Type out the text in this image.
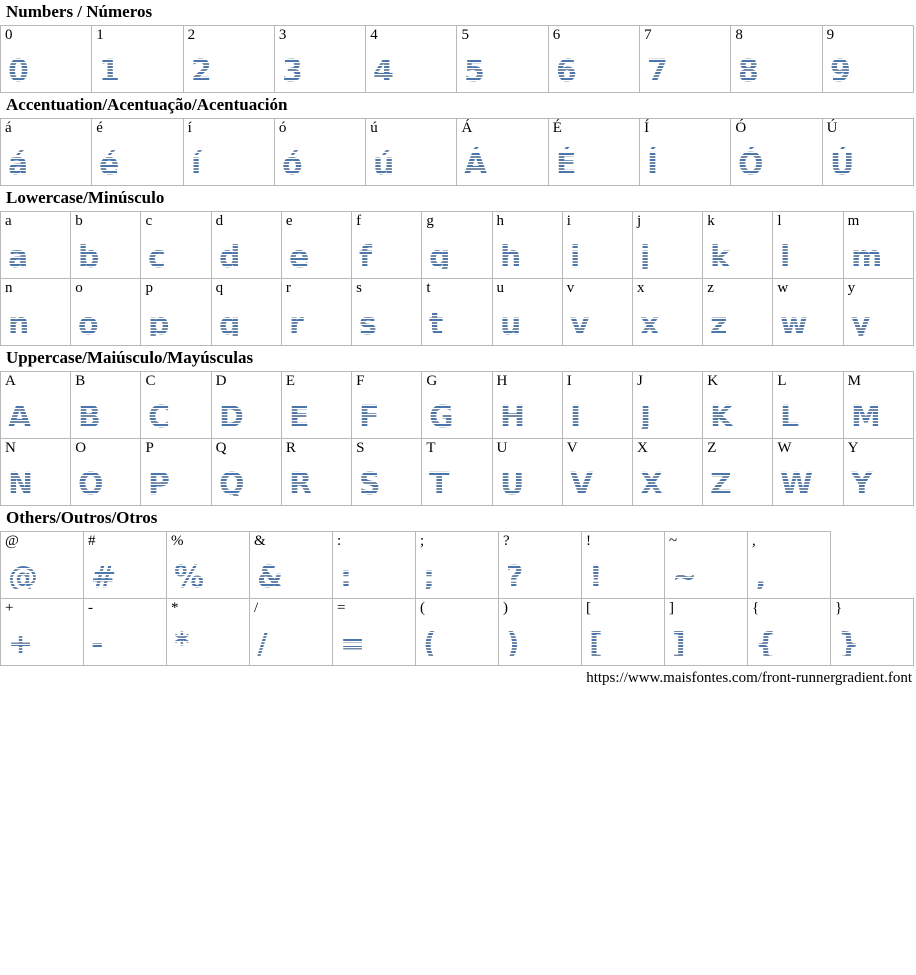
Numbers / Números
0	1	2	3	4	5	6	7	8	9
Accentuation/Acentuação/Acentuación
á	é	í	ó	ú	Á	É	Í	Ó	Ú
Lowercase/Minúsculo
a	b	c	d	e	f	g	h	i	j	k	l	m

n	o	p	q	r	s	t	u	v	x	z	w	y
Uppercase/Maiúsculo/Mayúsculas
A	B	C	D	E	F	G	H	I	J	K	L	M

N	O	P	Q	R	S	T	U	V	X	Z	W	Y
Others/Outros/Otros
@	#	%	&	:	;	?	!	~	,

+	-	*	/	=	(	)	[	]	{	}
https://www.maisfontes.com/front-runnergradient.font
